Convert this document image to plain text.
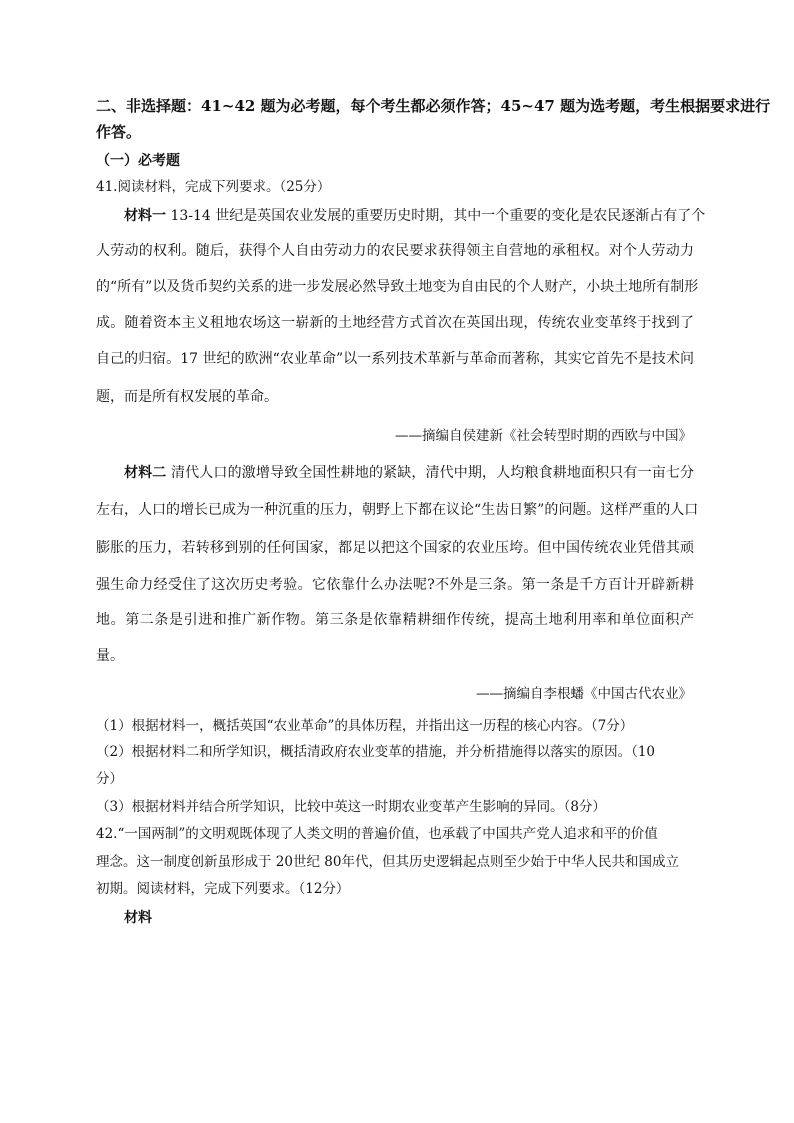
二、非选择题：41~42 题为必考题，每个考生都必须作答；45~47 题为选考题，考生根据要求进行
作答。
（一）必考题
41.阅读材料，完成下列要求。（25分）
材料一 13-14 世纪是英国农业发展的重要历史时期，其中一个重要的变化是农民逐渐占有了个
人劳动的权利。随后，获得个人自由劳动力的农民要求获得领主自营地的承租权。对个人劳动力
的“所有”以及货币契约关系的进一步发展必然导致土地变为自由民的个人财产，小块土地所有制形
成。随着资本主义租地农场这一崭新的土地经营方式首次在英国出现，传统农业变革终于找到了
自己的归宿。17 世纪的欧洲“农业革命”以一系列技术革新与革命而著称，其实它首先不是技术问
题，而是所有权发展的革命。
——摘编自侯建新《社会转型时期的西欧与中国》
材料二 清代人口的激增导致全国性耕地的紧缺，清代中期，人均粮食耕地面积只有一亩七分
左右，人口的增长已成为一种沉重的压力，朝野上下都在议论“生齿日繁”的问题。这样严重的人口
膨胀的压力，若转移到别的任何国家，都足以把这个国家的农业压垮。但中国传统农业凭借其顽
强生命力经受住了这次历史考验。它依靠什么办法呢?不外是三条。第一条是千方百计开辟新耕
地。第二条是引进和推广新作物。第三条是依靠精耕细作传统，提高土地利用率和单位面积产
量。
——摘编自李根蟠《中国古代农业》
（1）根据材料一，概括英国“农业革命”的具体历程，并指出这一历程的核心内容。（7分）
（2）根据材料二和所学知识，概括清政府农业变革的措施，并分析措施得以落实的原因。（10
分）
（3）根据材料并结合所学知识，比较中英这一时期农业变革产生影响的异同。（8分）
42.“一国两制”的文明观既体现了人类文明的普遍价值，也承载了中国共产党人追求和平的价值
理念。这一制度创新虽形成于 20世纪 80年代，但其历史逻辑起点则至少始于中华人民共和国成立
初期。阅读材料，完成下列要求。（12分）
材料
